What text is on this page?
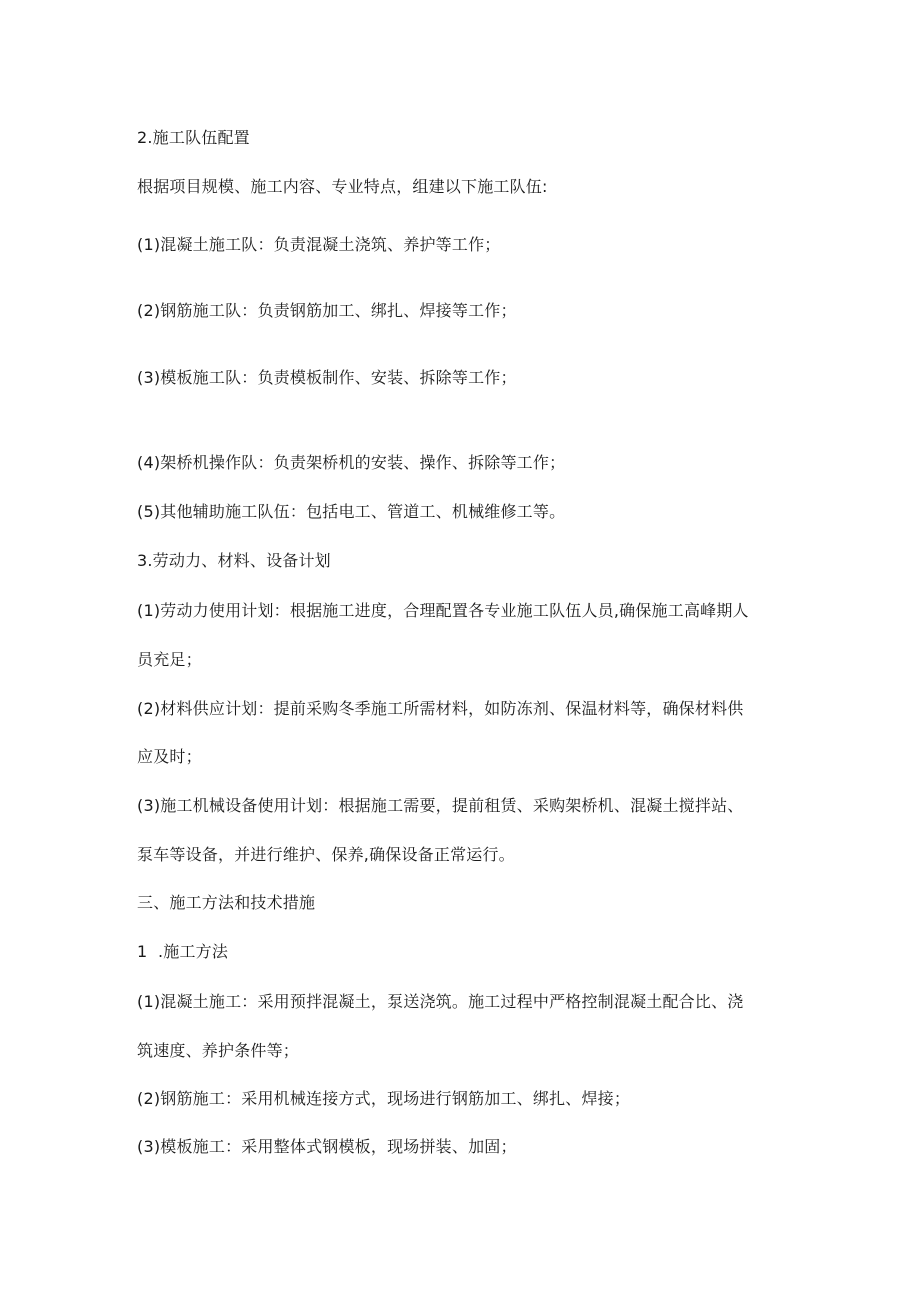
2.施工队伍配置
根据项目规模、施工内容、专业特点，组建以下施工队伍:
(1)混凝土施工队：负责混凝土浇筑、养护等工作；
(2)钢筋施工队：负责钢筋加工、绑扎、焊接等工作；
(3)模板施工队：负责模板制作、安装、拆除等工作；
(4)架桥机操作队：负责架桥机的安装、操作、拆除等工作；
(5)其他辅助施工队伍：包括电工、管道工、机械维修工等。
3.劳动力、材料、设备计划
(1)劳动力使用计划：根据施工进度，合理配置各专业施工队伍人员,确保施工高峰期人
员充足；
(2)材料供应计划：提前采购冬季施工所需材料，如防冻剂、保温材料等，确保材料供
应及时；
(3)施工机械设备使用计划：根据施工需要，提前租赁、采购架桥机、混凝土搅拌站、
泵车等设备，并进行维护、保养,确保设备正常运行。
三、施工方法和技术措施
1  .施工方法
(1)混凝土施工：采用预拌混凝土，泵送浇筑。施工过程中严格控制混凝土配合比、浇
筑速度、养护条件等；
(2)钢筋施工：采用机械连接方式，现场进行钢筋加工、绑扎、焊接；
(3)模板施工：采用整体式钢模板，现场拼装、加固；
